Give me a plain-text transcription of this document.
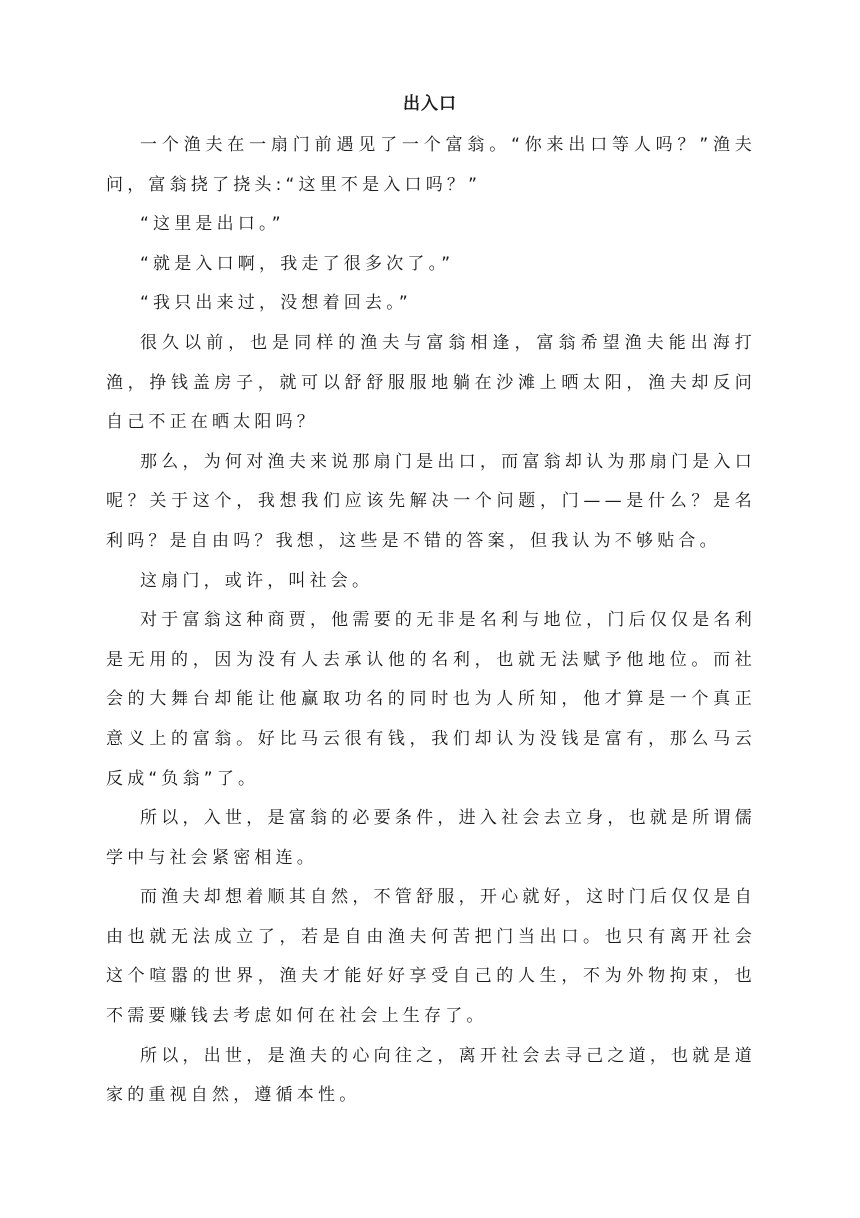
出入口

一个渔夫在一扇门前遇见了一个富翁。“你来出口等人吗？”渔夫问，富翁挠了挠头:“这里不是入口吗？”

“这里是出口。”

“就是入口啊，我走了很多次了。”

“我只出来过，没想着回去。”

很久以前，也是同样的渔夫与富翁相逢，富翁希望渔夫能出海打渔，挣钱盖房子，就可以舒舒服服地躺在沙滩上晒太阳，渔夫却反问自己不正在晒太阳吗？

那么，为何对渔夫来说那扇门是出口，而富翁却认为那扇门是入口呢？关于这个，我想我们应该先解决一个问题，门——是什么？是名利吗？是自由吗？我想，这些是不错的答案，但我认为不够贴合。

这扇门，或许，叫社会。

对于富翁这种商贾，他需要的无非是名利与地位，门后仅仅是名利是无用的，因为没有人去承认他的名利，也就无法赋予他地位。而社会的大舞台却能让他赢取功名的同时也为人所知，他才算是一个真正意义上的富翁。好比马云很有钱，我们却认为没钱是富有，那么马云反成“负翁”了。

所以，入世，是富翁的必要条件，进入社会去立身，也就是所谓儒学中与社会紧密相连。

而渔夫却想着顺其自然，不管舒服，开心就好，这时门后仅仅是自由也就无法成立了，若是自由渔夫何苦把门当出口。也只有离开社会这个喧嚣的世界，渔夫才能好好享受自己的人生，不为外物拘束，也不需要赚钱去考虑如何在社会上生存了。

所以，出世，是渔夫的心向往之，离开社会去寻己之道，也就是道家的重视自然，遵循本性。
